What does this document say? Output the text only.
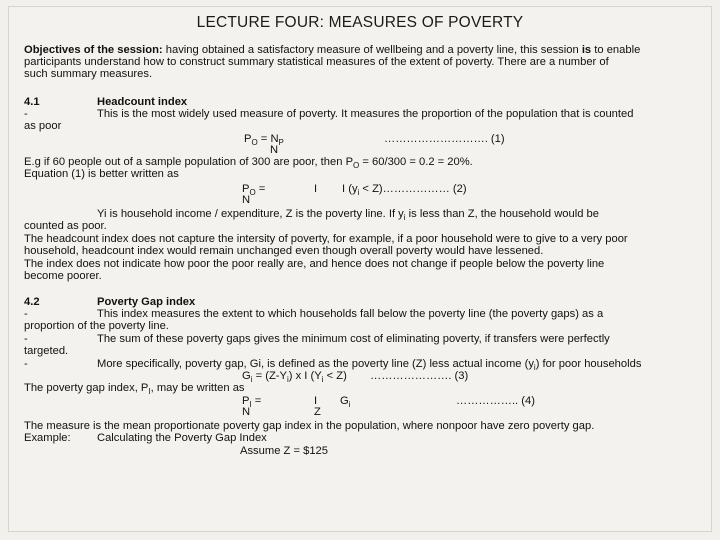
LECTURE FOUR: MEASURES OF POVERTY
Objectives of the session: having obtained a satisfactory measure of wellbeing and a poverty line, this session is to enable
participants understand how to construct summary statistical measures of the extent of poverty. There are a number of
such summary measures.
4.1	Headcount index
-	This is the most widely used measure of poverty. It measures the proportion of the population that is counted
as poor
$P_O = N_P$	………………………. (1)
N
E.g if 60 people out of a sample population of 300 are poor, then $P_O = 60/300 = 0.2 = 20\%$.
Equation (1) is better written as
$P_O$ =	I I ($y_i$ < Z)……………… (2)
N
Yi is household income / expenditure, Z is the poverty line. If $y_i$ is less than Z, the household would be
counted as poor.
The headcount index does not capture the intersity of poverty, for example, if a poor household were to give to a very poor
household, headcount index would remain unchanged even though overall poverty would have lessened.
The index does not indicate how poor the poor really are, and hence does not change if people below the poverty line
become poorer.
4.2	Poverty Gap index
-	This index measures the extent to which households fall below the poverty line (the poverty gaps) as a
proportion of the poverty line.
-	The sum of these poverty gaps gives the minimum cost of eliminating poverty, if transfers were perfectly
targeted.
-	More specifically, poverty gap, Gi, is defined as the poverty line (Z) less actual income $(y_i)$ for poor households
$G_i = (Z-Y_i)$ x I $(Y_i < Z)$ …………………. (3)
The poverty gap index, $P_I$, may be written as
$P_I$ =	I $G_i$	…………….. (4)
N	Z
The measure is the mean proportionate poverty gap index in the population, where nonpoor have zero poverty gap.
Example: Calculating the Poverty Gap Index
Assume Z = $125
